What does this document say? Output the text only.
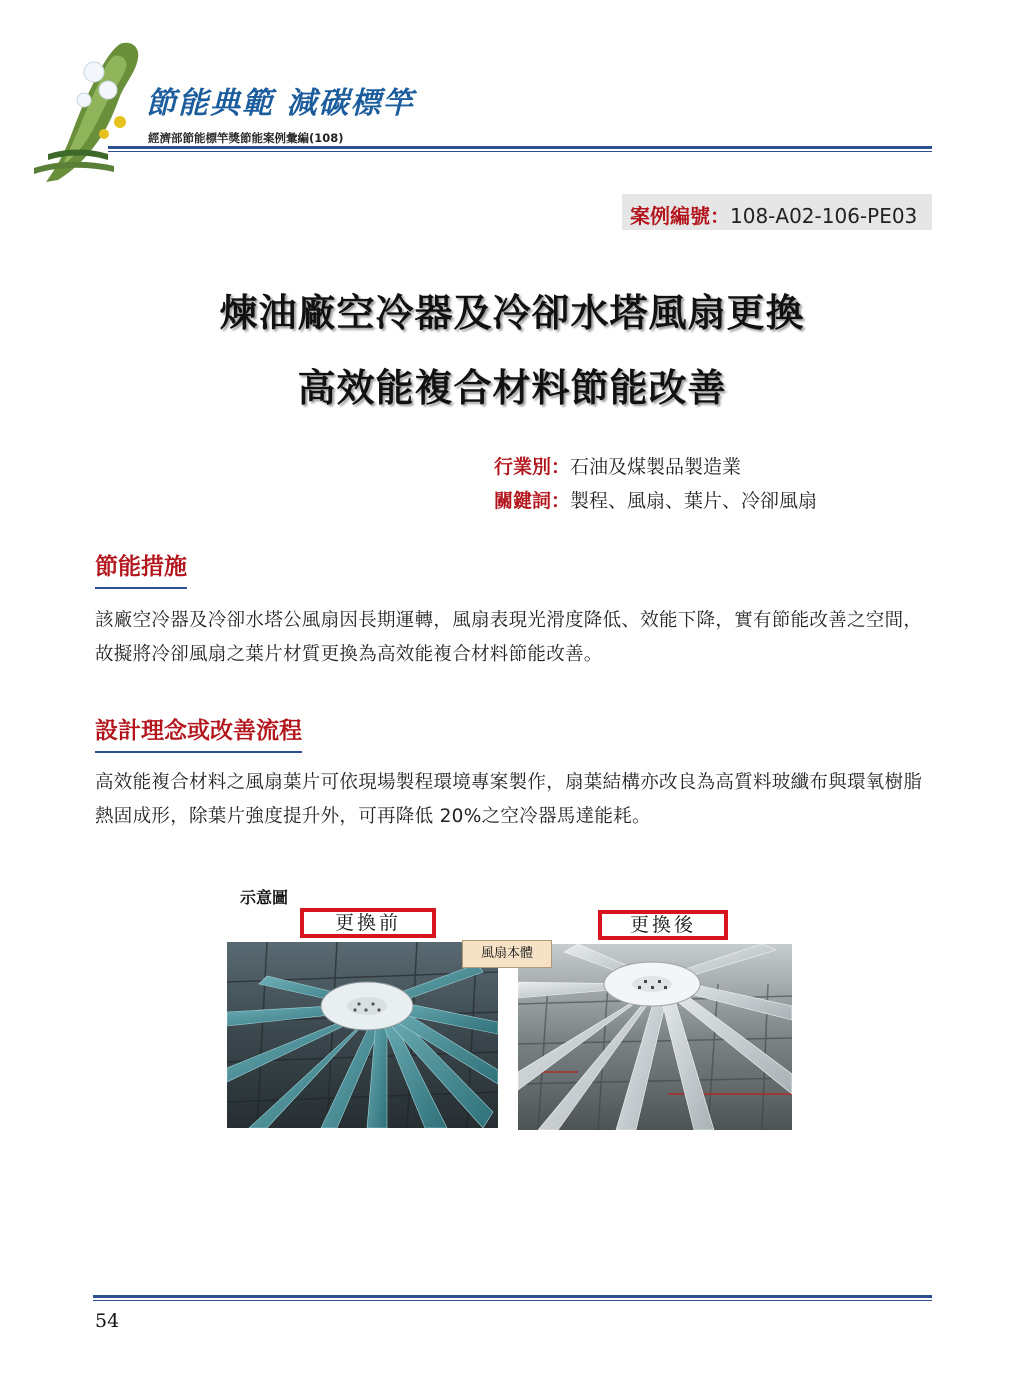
節能典範 減碳標竿
經濟部節能標竿獎節能案例彙編(108)
案例編號：108-A02-106-PE03
煉油廠空冷器及冷卻水塔風扇更換
高效能複合材料節能改善
行業別：石油及煤製品製造業
關鍵詞：製程、風扇、葉片、冷卻風扇
節能措施
該廠空冷器及冷卻水塔公風扇因長期運轉，風扇表現光滑度降低、效能下降，實有節能改善之空間，故擬將冷卻風扇之葉片材質更換為高效能複合材料節能改善。
設計理念或改善流程
高效能複合材料之風扇葉片可依現場製程環境專案製作，扇葉結構亦改良為高質料玻纖布與環氧樹脂熱固成形，除葉片強度提升外，可再降低 20%之空冷器馬達能耗。
示意圖
更換前	更換後
風扇本體
54
